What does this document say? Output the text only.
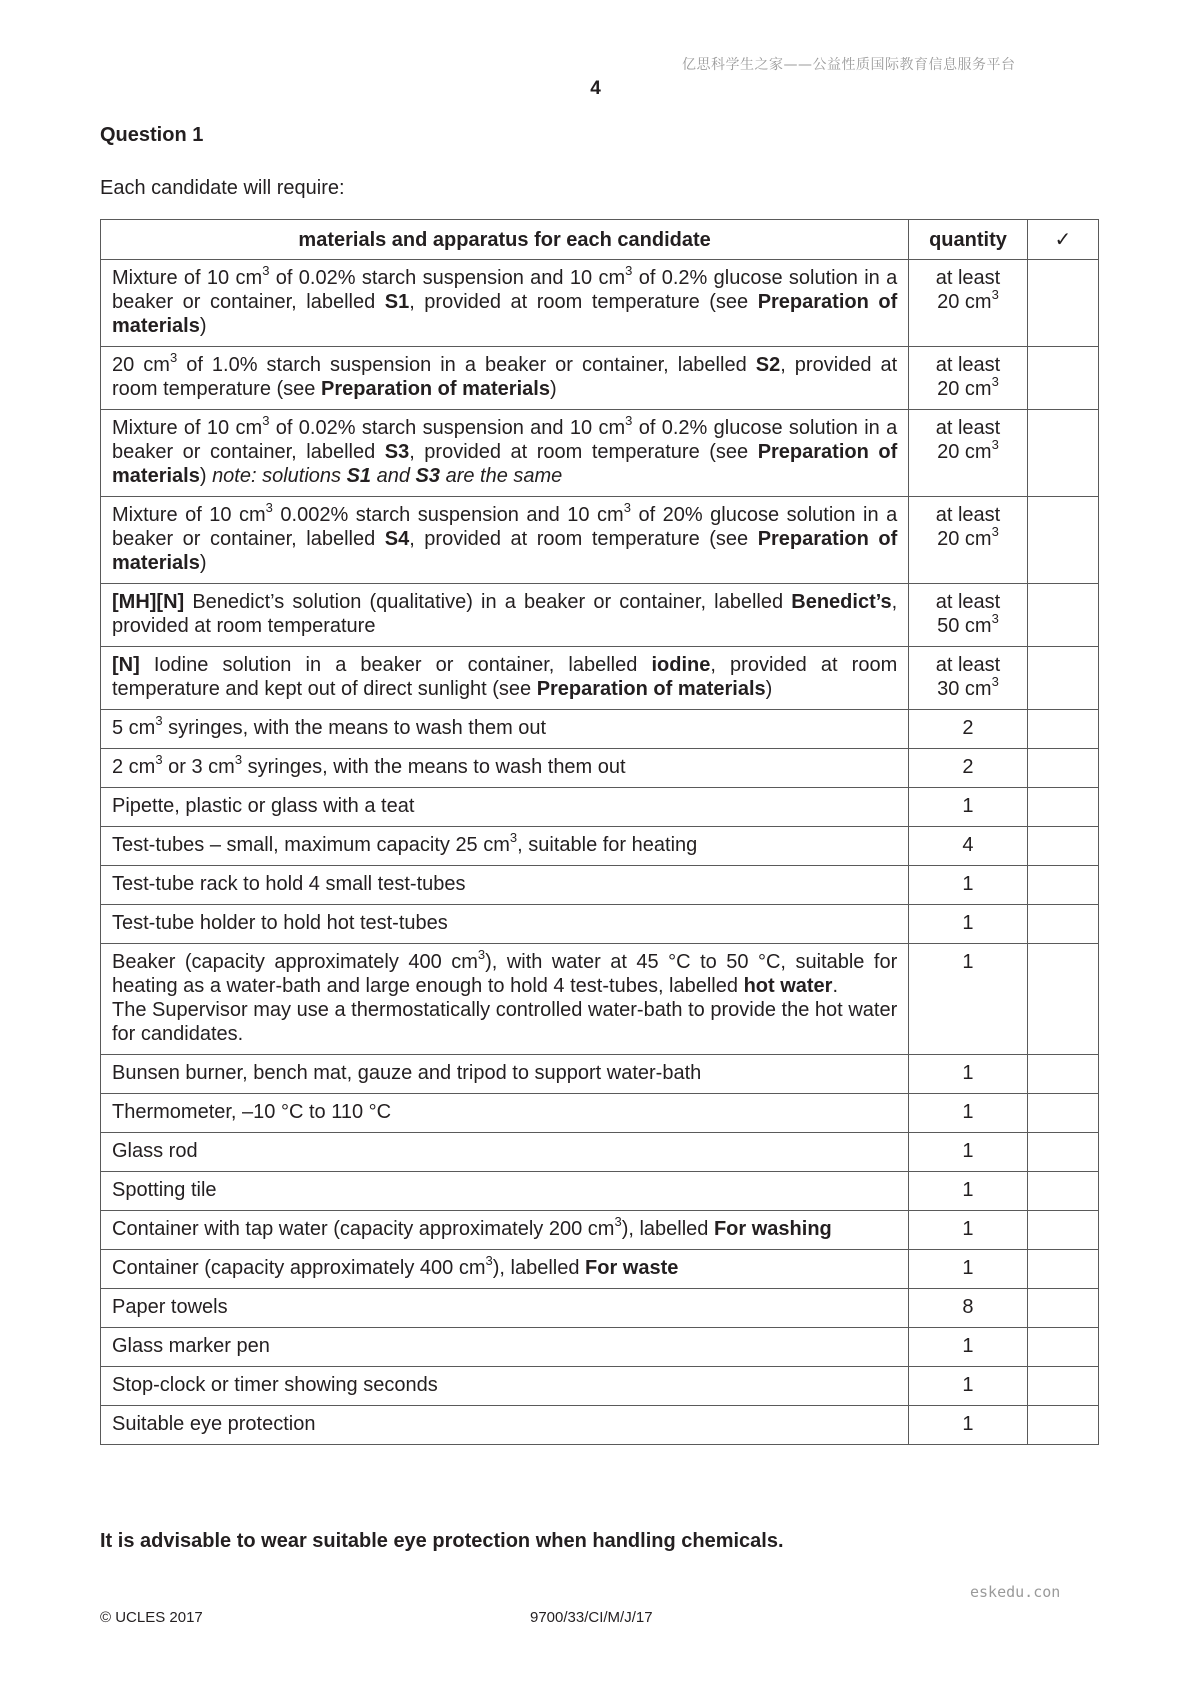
亿思科学生之家——公益性质国际教育信息服务平台
4
Question 1
Each candidate will require:
materials and apparatus for each candidate	quantity	✓
Mixture of 10 $cm^3$ of 0.02% starch suspension and 10 $cm^3$ of 0.2% glucose solution in a beaker or container, labelled S1, provided at room temperature (see Preparation of materials)	at least
20 $cm^3$	
20 $cm^3$ of 1.0% starch suspension in a beaker or container, labelled S2, provided at room temperature (see Preparation of materials)	at least
20 $cm^3$	
Mixture of 10 $cm^3$ of 0.02% starch suspension and 10 $cm^3$ of 0.2% glucose solution in a beaker or container, labelled S3, provided at room temperature (see Preparation of materials) note: solutions S1 and S3 are the same	at least
20 $cm^3$	
Mixture of 10 $cm^3$ 0.002% starch suspension and 10 $cm^3$ of 20% glucose solution in a beaker or container, labelled S4, provided at room temperature (see Preparation of materials)	at least
20 $cm^3$	
[MH][N] Benedict’s solution (qualitative) in a beaker or container, labelled Benedict’s, provided at room temperature	at least
50 $cm^3$	
[N] Iodine solution in a beaker or container, labelled iodine, provided at room temperature and kept out of direct sunlight (see Preparation of materials)	at least
30 $cm^3$	
5 $cm^3$ syringes, with the means to wash them out	2	
2 $cm^3$ or 3 $cm^3$ syringes, with the means to wash them out	2	
Pipette, plastic or glass with a teat	1	
Test-tubes – small, maximum capacity 25 $cm^3$, suitable for heating	4	
Test-tube rack to hold 4 small test-tubes	1	
Test-tube holder to hold hot test-tubes	1	
Beaker (capacity approximately 400 $cm^3$), with water at 45 °C to 50 °C, suitable for heating as a water-bath and large enough to hold 4 test-tubes, labelled hot water.
The Supervisor may use a thermostatically controlled water-bath to provide the hot water for candidates.	1	
Bunsen burner, bench mat, gauze and tripod to support water-bath	1	
Thermometer, –10 °C to 110 °C	1	
Glass rod	1	
Spotting tile	1	
Container with tap water (capacity approximately 200 $cm^3$), labelled For washing	1	
Container (capacity approximately 400 $cm^3$), labelled For waste	1	
Paper towels	8	
Glass marker pen	1	
Stop-clock or timer showing seconds	1	
Suitable eye protection	1	
It is advisable to wear suitable eye protection when handling chemicals.
eskedu.con
© UCLES 2017	9700/33/CI/M/J/17
